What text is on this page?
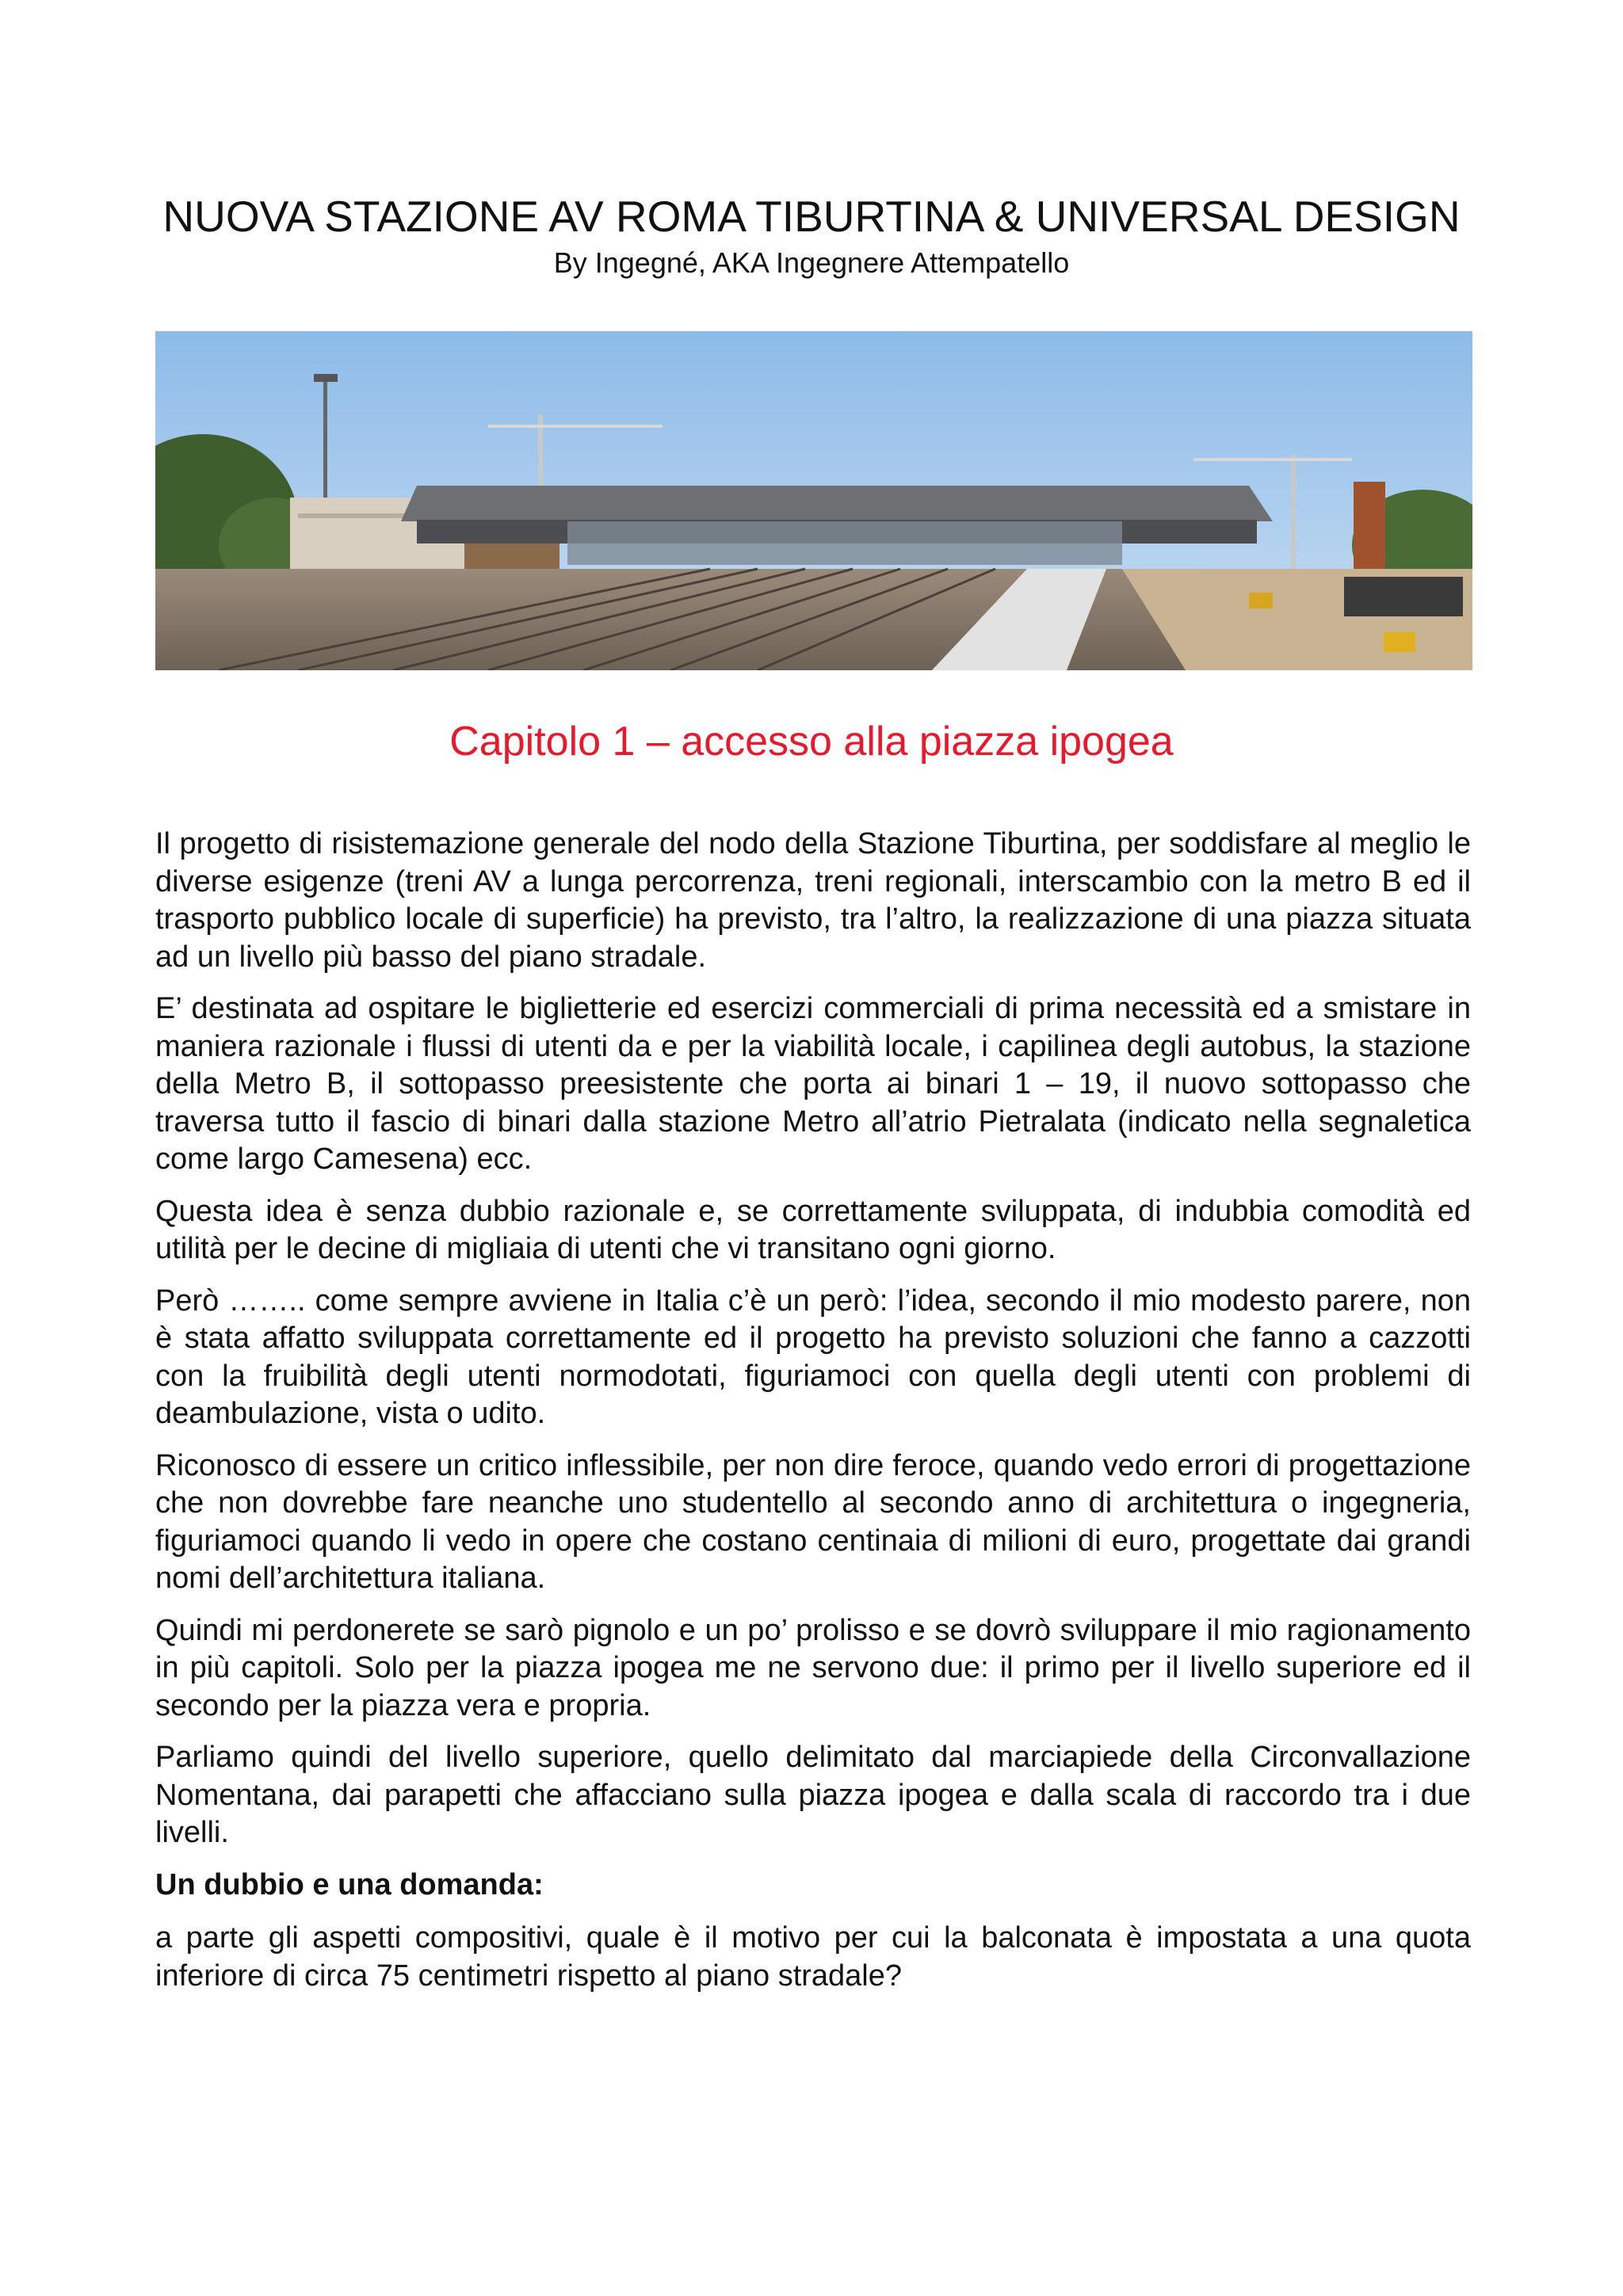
NUOVA STAZIONE AV ROMA TIBURTINA & UNIVERSAL DESIGN
By Ingegné, AKA Ingegnere Attempatello
Capitolo 1 – accesso alla piazza ipogea

Il progetto di risistemazione generale del nodo della Stazione Tiburtina, per soddisfare al meglio le diverse esigenze (treni AV a lunga percorrenza, treni regionali, interscambio con la metro B ed il trasporto pubblico locale di superficie) ha previsto, tra l’altro, la realizzazione di una piazza situata ad un livello più basso del piano stradale.

E’ destinata ad ospitare le biglietterie ed esercizi commerciali di prima necessità ed a smistare in maniera razionale i flussi di utenti da e per la viabilità locale, i capilinea degli autobus, la stazione della Metro B, il sottopasso preesistente che porta ai binari 1 – 19, il nuovo sottopasso che traversa tutto il fascio di binari dalla stazione Metro all’atrio Pietralata (indicato nella segnaletica come largo Camesena) ecc.

Questa idea è senza dubbio razionale e, se correttamente sviluppata, di indubbia comodità ed utilità per le decine di migliaia di utenti che vi transitano ogni giorno.

Però …….. come sempre avviene in Italia c’è un però: l’idea, secondo il mio modesto parere, non è stata affatto sviluppata correttamente ed il progetto ha previsto soluzioni che fanno a cazzotti con la fruibilità degli utenti normodotati, figuriamoci con quella degli utenti con problemi di deambulazione, vista o udito.

Riconosco di essere un critico inflessibile, per non dire feroce, quando vedo errori di progettazione che non dovrebbe fare neanche uno studentello al secondo anno di architettura o ingegneria, figuriamoci quando li vedo in opere che costano centinaia di milioni di euro, progettate dai grandi nomi dell’architettura italiana.

Quindi mi perdonerete se sarò pignolo e un po’ prolisso e se dovrò sviluppare il mio ragionamento in più capitoli. Solo per la piazza ipogea me ne servono due: il primo per il livello superiore ed il secondo per la piazza vera e propria.

Parliamo quindi del livello superiore, quello delimitato dal marciapiede della Circonvallazione Nomentana, dai parapetti che affacciano sulla piazza ipogea e dalla scala di raccordo tra i due livelli.

Un dubbio e una domanda:

a parte gli aspetti compositivi, quale è il motivo per cui la balconata è impostata a una quota inferiore di circa 75 centimetri rispetto al piano stradale?
